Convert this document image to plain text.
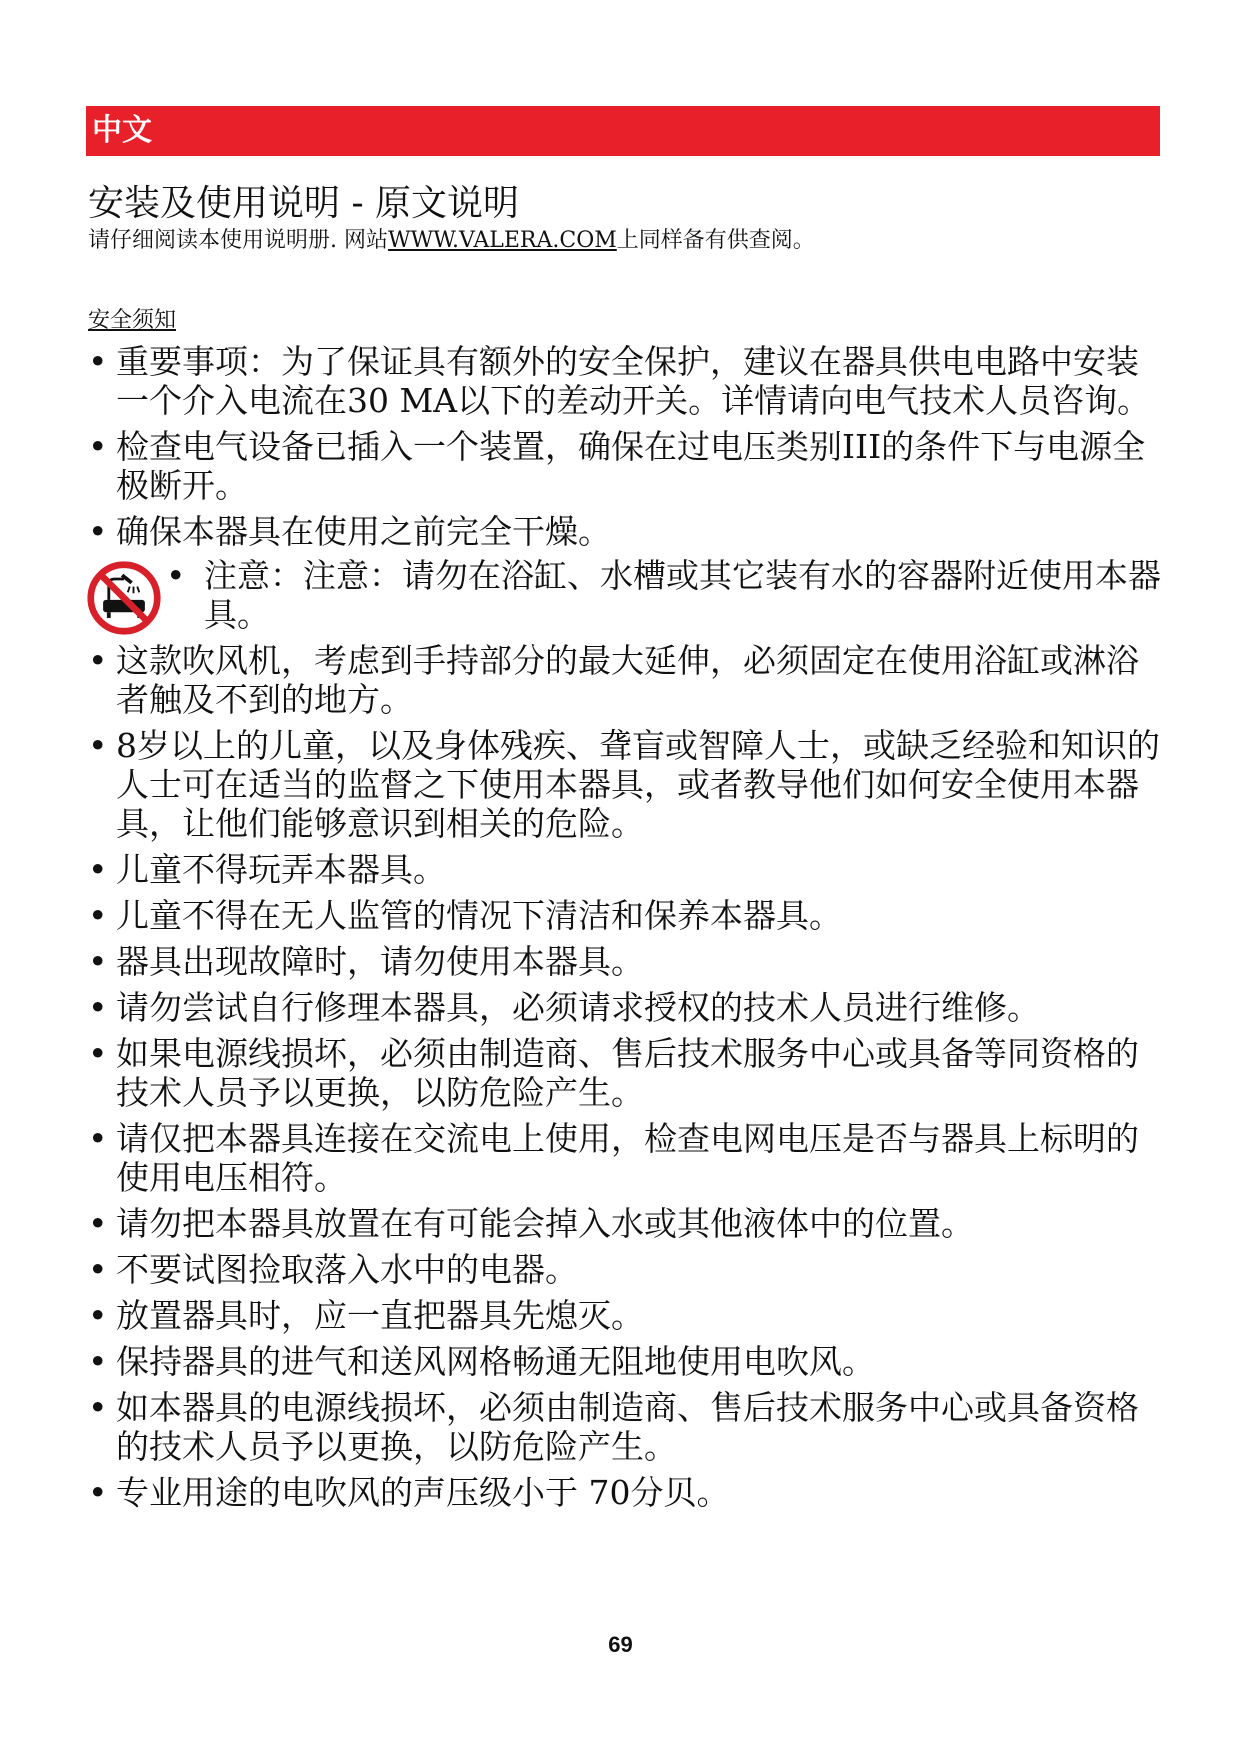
中文
安装及使用说明 - 原文说明
请仔细阅读本使用说明册. 网站WWW.VALERA.COM上同样备有供查阅。
安全须知
• 重要事项：为了保证具有额外的安全保护，建议在器具供电电路中安装一个介入电流在30 MA以下的差动开关。详情请向电气技术人员咨询。
• 检查电气设备已插入一个装置，确保在过电压类别III的条件下与电源全极断开。
• 确保本器具在使用之前完全干燥。
• 注意：注意：请勿在浴缸、水槽或其它装有水的容器附近使用本器具。
• 这款吹风机，考虑到手持部分的最大延伸，必须固定在使用浴缸或淋浴者触及不到的地方。
• 8岁以上的儿童，以及身体残疾、聋盲或智障人士，或缺乏经验和知识的人士可在适当的监督之下使用本器具，或者教导他们如何安全使用本器具，让他们能够意识到相关的危险。
• 儿童不得玩弄本器具。
• 儿童不得在无人监管的情况下清洁和保养本器具。
• 器具出现故障时，请勿使用本器具。
• 请勿尝试自行修理本器具，必须请求授权的技术人员进行维修。
• 如果电源线损坏，必须由制造商、售后技术服务中心或具备等同资格的技术人员予以更换，以防危险产生。
• 请仅把本器具连接在交流电上使用，检查电网电压是否与器具上标明的使用电压相符。
• 请勿把本器具放置在有可能会掉入水或其他液体中的位置。
• 不要试图捡取落入水中的电器。
• 放置器具时，应一直把器具先熄灭。
• 保持器具的进气和送风网格畅通无阻地使用电吹风。
• 如本器具的电源线损坏，必须由制造商、售后技术服务中心或具备资格的技术人员予以更换，以防危险产生。
• 专业用途的电吹风的声压级小于 70分贝。
69
